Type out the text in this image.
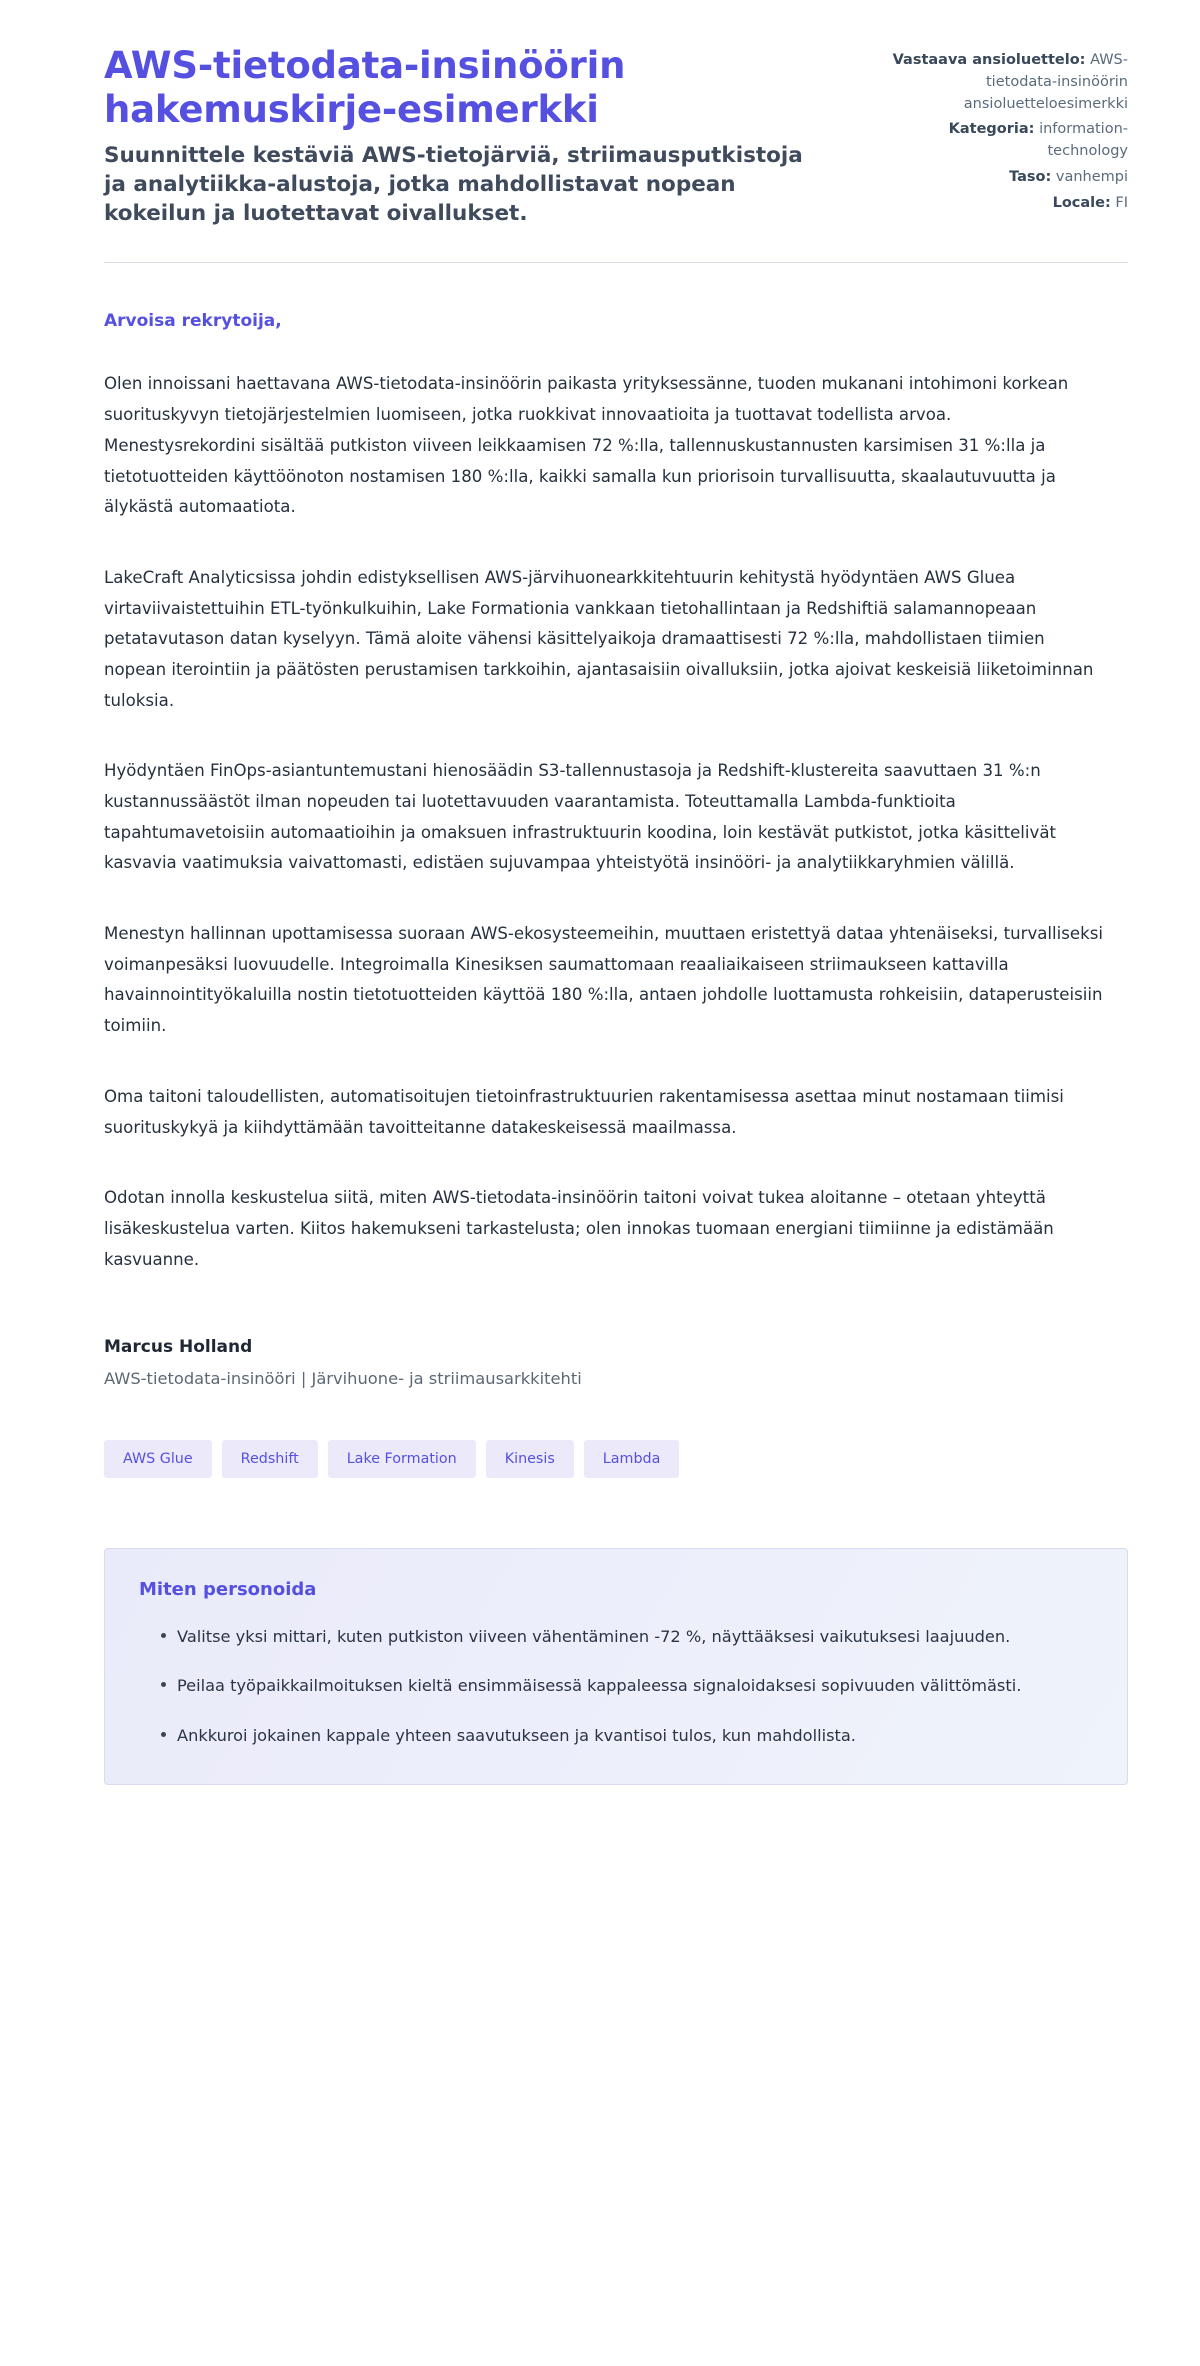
AWS-tietodata-insinöörin hakemuskirje-esimerkki

Suunnittele kestäviä AWS-tietojärviä, striimausputkistoja ja analytiikka-alustoja, jotka mahdollistavat nopean kokeilun ja luotettavat oivallukset.

Vastaava ansioluettelo: AWS-tietodata-insinöörin ansioluetteloesimerkki
Kategoria: information-technology
Taso: vanhempi
Locale: FI

Arvoisa rekrytoija,

Olen innoissani haettavana AWS-tietodata-insinöörin paikasta yrityksessänne, tuoden mukanani intohimoni korkean suorituskyvyn tietojärjestelmien luomiseen, jotka ruokkivat innovaatioita ja tuottavat todellista arvoa. Menestysrekordini sisältää putkiston viiveen leikkaamisen 72 %:lla, tallennuskustannusten karsimisen 31 %:lla ja tietotuotteiden käyttöönoton nostamisen 180 %:lla, kaikki samalla kun priorisoin turvallisuutta, skaalautuvuutta ja älykästä automaatiota.

LakeCraft Analyticsissa johdin edistyksellisen AWS-järvihuonearkkitehtuurin kehitystä hyödyntäen AWS Gluea virtaviivaistettuihin ETL-työnkulkuihin, Lake Formationia vankkaan tietohallintaan ja Redshiftiä salamannopeaan petatavutason datan kyselyyn. Tämä aloite vähensi käsittelyaikoja dramaattisesti 72 %:lla, mahdollistaen tiimien nopean iterointiin ja päätösten perustamisen tarkkoihin, ajantasaisiin oivalluksiin, jotka ajoivat keskeisiä liiketoiminnan tuloksia.

Hyödyntäen FinOps-asiantuntemustani hienosäädin S3-tallennustasoja ja Redshift-klustereita saavuttaen 31 %:n kustannussäästöt ilman nopeuden tai luotettavuuden vaarantamista. Toteuttamalla Lambda-funktioita tapahtumavetoisiin automaatioihin ja omaksuen infrastruktuurin koodina, loin kestävät putkistot, jotka käsittelivät kasvavia vaatimuksia vaivattomasti, edistäen sujuvampaa yhteistyötä insinööri- ja analytiikkaryhmien välillä.

Menestyn hallinnan upottamisessa suoraan AWS-ekosysteemeihin, muuttaen eristettyä dataa yhtenäiseksi, turvalliseksi voimanpesäksi luovuudelle. Integroimalla Kinesiksen saumattomaan reaaliaikaiseen striimaukseen kattavilla havainnointityökaluilla nostin tietotuotteiden käyttöä 180 %:lla, antaen johdolle luottamusta rohkeisiin, dataperusteisiin toimiin.

Oma taitoni taloudellisten, automatisoitujen tietoinfrastruktuurien rakentamisessa asettaa minut nostamaan tiimisi suorituskykyä ja kiihdyttämään tavoitteitanne datakeskeisessä maailmassa.

Odotan innolla keskustelua siitä, miten AWS-tietodata-insinöörin taitoni voivat tukea aloitanne – otetaan yhteyttä lisäkeskustelua varten. Kiitos hakemukseni tarkastelusta; olen innokas tuomaan energiani tiimiinne ja edistämään kasvuanne.

Marcus Holland

AWS-tietodata-insinööri | Järvihuone- ja striimausarkkitehti

AWS Glue	Redshift	Lake Formation	Kinesis	Lambda
Miten personoida
Valitse yksi mittari, kuten putkiston viiveen vähentäminen -72 %, näyttääksesi vaikutuksesi laajuuden.
Peilaa työpaikkailmoituksen kieltä ensimmäisessä kappaleessa signaloidaksesi sopivuuden välittömästi.
Ankkuroi jokainen kappale yhteen saavutukseen ja kvantisoi tulos, kun mahdollista.
